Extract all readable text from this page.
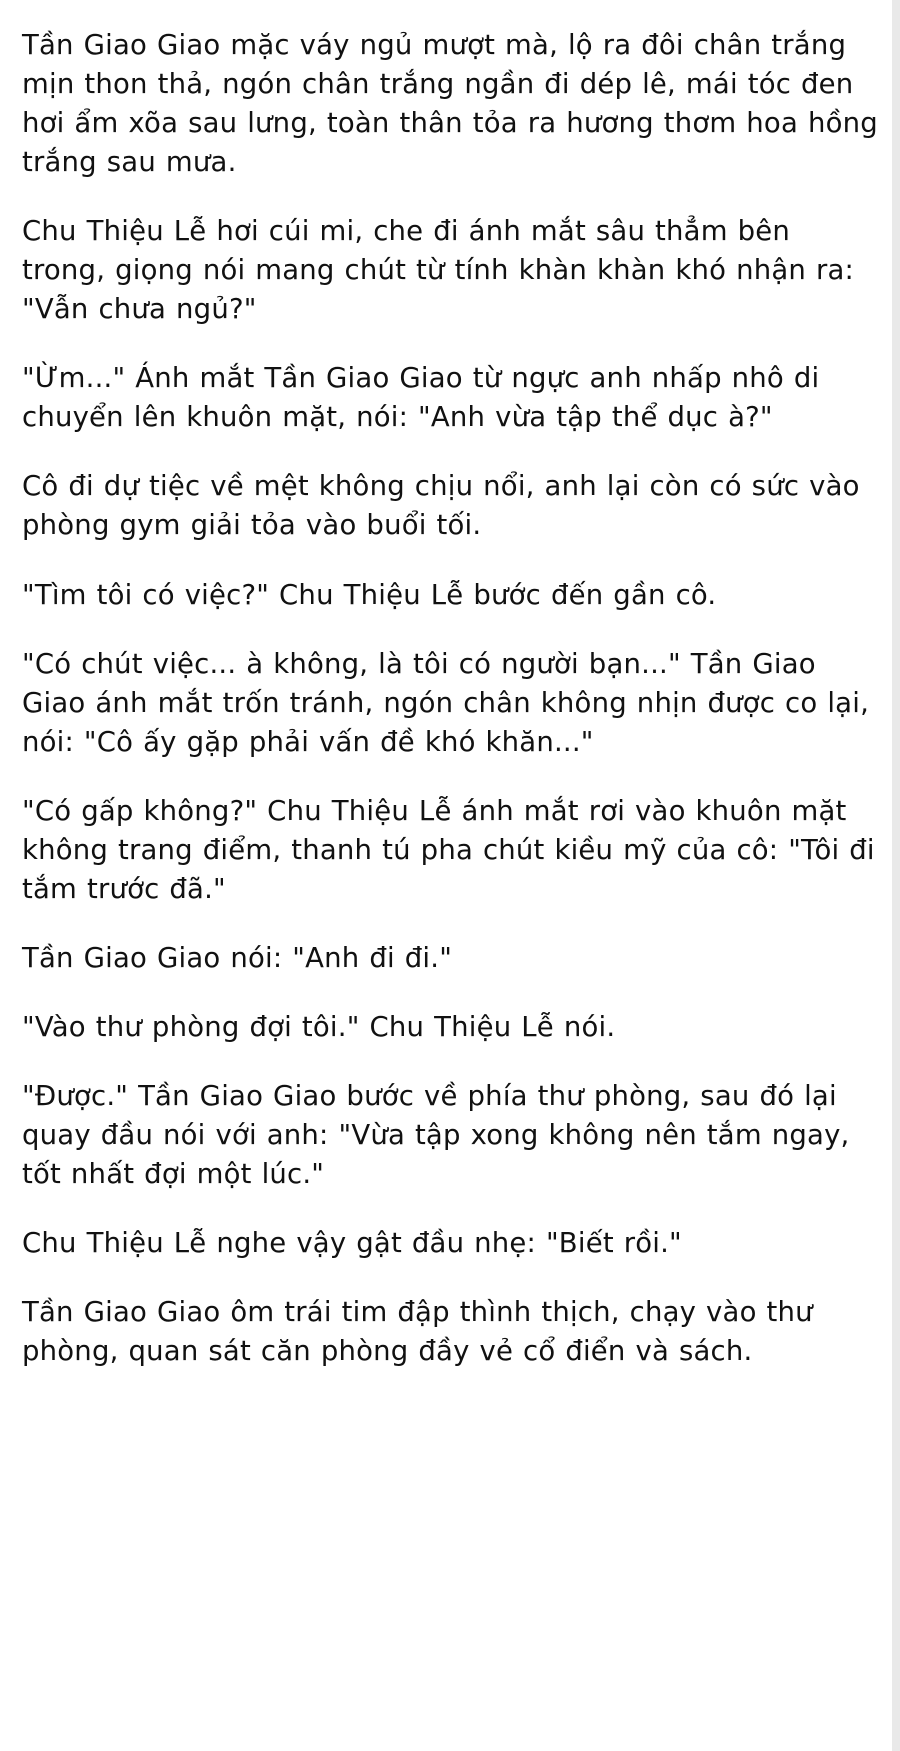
Tần Giao Giao mặc váy ngủ mượt mà, lộ ra đôi chân trắng mịn thon thả, ngón chân trắng ngần đi dép lê, mái tóc đen hơi ẩm xõa sau lưng, toàn thân tỏa ra hương thơm hoa hồng trắng sau mưa.

Chu Thiệu Lễ hơi cúi mi, che đi ánh mắt sâu thẳm bên trong, giọng nói mang chút từ tính khàn khàn khó nhận ra: "Vẫn chưa ngủ?"

"Ừm..." Ánh mắt Tần Giao Giao từ ngực anh nhấp nhô di chuyển lên khuôn mặt, nói: "Anh vừa tập thể dục à?"

Cô đi dự tiệc về mệt không chịu nổi, anh lại còn có sức vào phòng gym giải tỏa vào buổi tối.

"Tìm tôi có việc?" Chu Thiệu Lễ bước đến gần cô.

"Có chút việc... à không, là tôi có người bạn..." Tần Giao Giao ánh mắt trốn tránh, ngón chân không nhịn được co lại, nói: "Cô ấy gặp phải vấn đề khó khăn..."

"Có gấp không?" Chu Thiệu Lễ ánh mắt rơi vào khuôn mặt không trang điểm, thanh tú pha chút kiều mỹ của cô: "Tôi đi tắm trước đã."

Tần Giao Giao nói: "Anh đi đi."

"Vào thư phòng đợi tôi." Chu Thiệu Lễ nói.

"Được." Tần Giao Giao bước về phía thư phòng, sau đó lại quay đầu nói với anh: "Vừa tập xong không nên tắm ngay, tốt nhất đợi một lúc."

Chu Thiệu Lễ nghe vậy gật đầu nhẹ: "Biết rồi."

Tần Giao Giao ôm trái tim đập thình thịch, chạy vào thư phòng, quan sát căn phòng đầy vẻ cổ điển và sách.
